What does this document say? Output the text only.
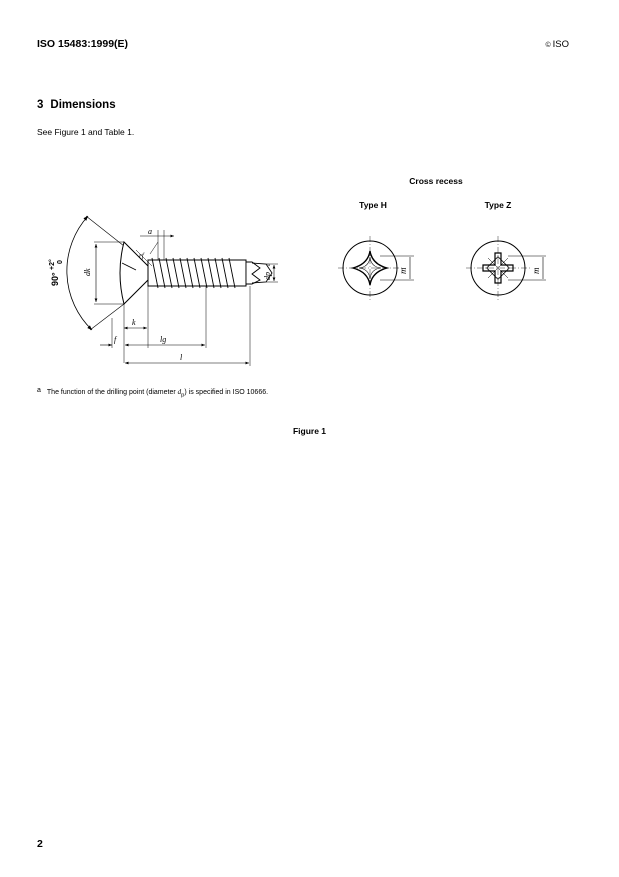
ISO 15483:1999(E)	© ISO
3 Dimensions
See Figure 1 and Table 1.
Cross recess
Type H	Type Z
90°
+2° 0
dk
a
rf
k
f	lg
l
dp
a
m	m
$^a$ The function of the drilling point (diameter $d_p$) is specified in ISO 10666.
Figure 1
2
